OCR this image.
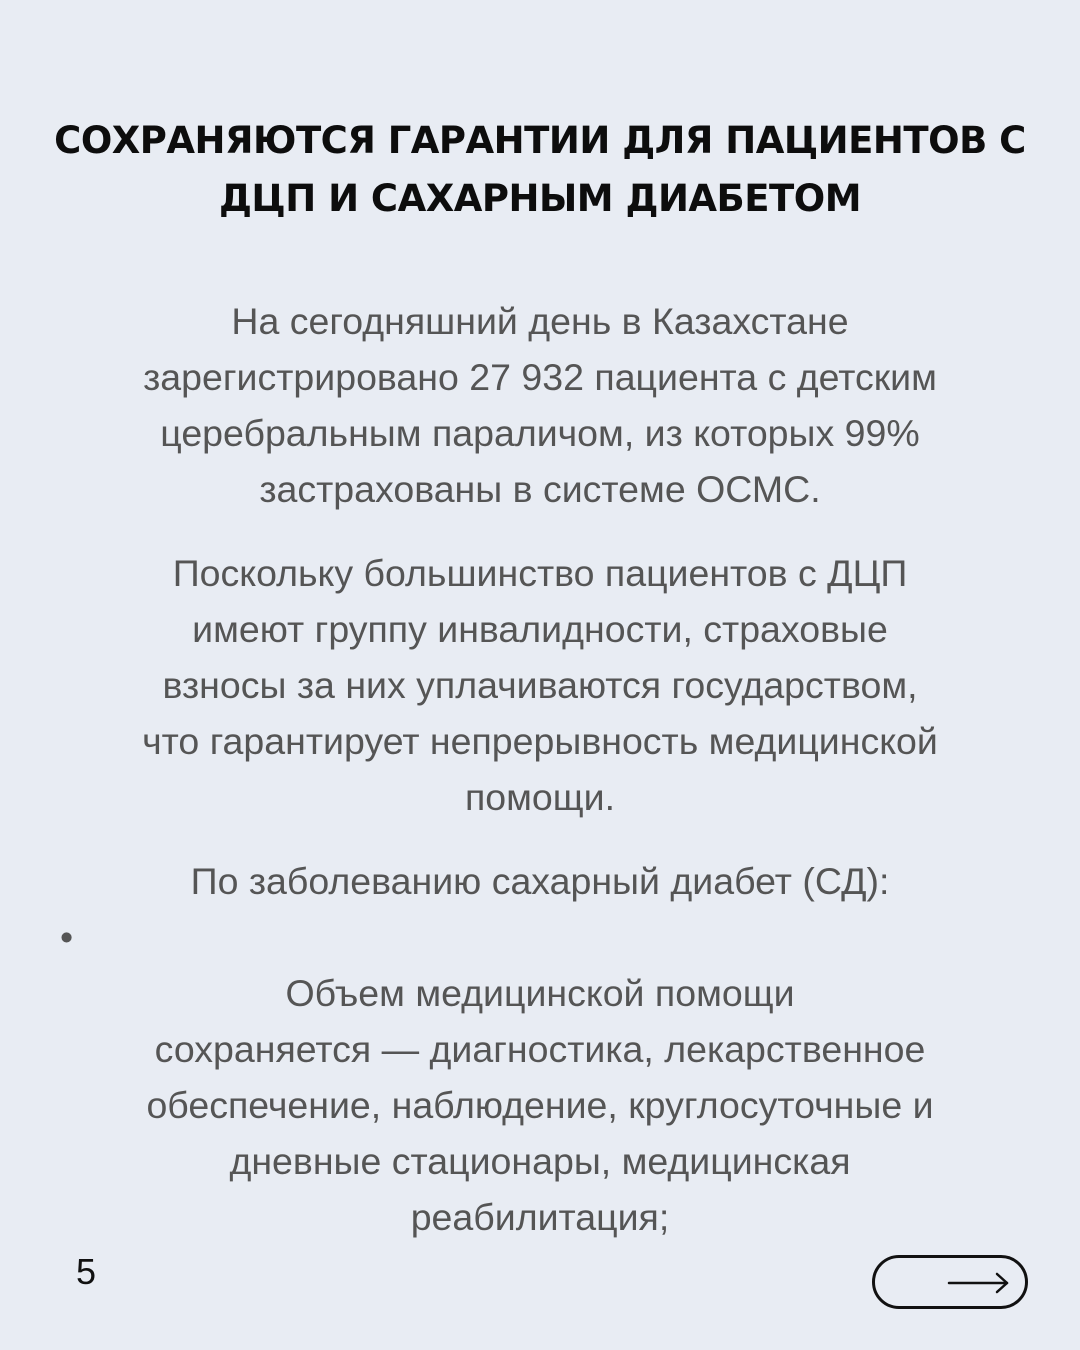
СОХРАНЯЮТСЯ ГАРАНТИИ ДЛЯ ПАЦИЕНТОВ С
ДЦП И САХАРНЫМ ДИАБЕТОМ

На сегодняшний день в Казахстане
зарегистрировано 27 932 пациента с детским
церебральным параличом, из которых 99%
застрахованы в системе ОСМС.

Поскольку большинство пациентов с ДЦП
имеют группу инвалидности, страховые
взносы за них уплачиваются государством,
что гарантирует непрерывность медицинской
помощи.

По заболеванию сахарный диабет (СД):
•
Объем медицинской помощи
сохраняется — диагностика, лекарственное
обеспечение, наблюдение, круглосуточные и
дневные стационары, медицинская
реабилитация;

5
